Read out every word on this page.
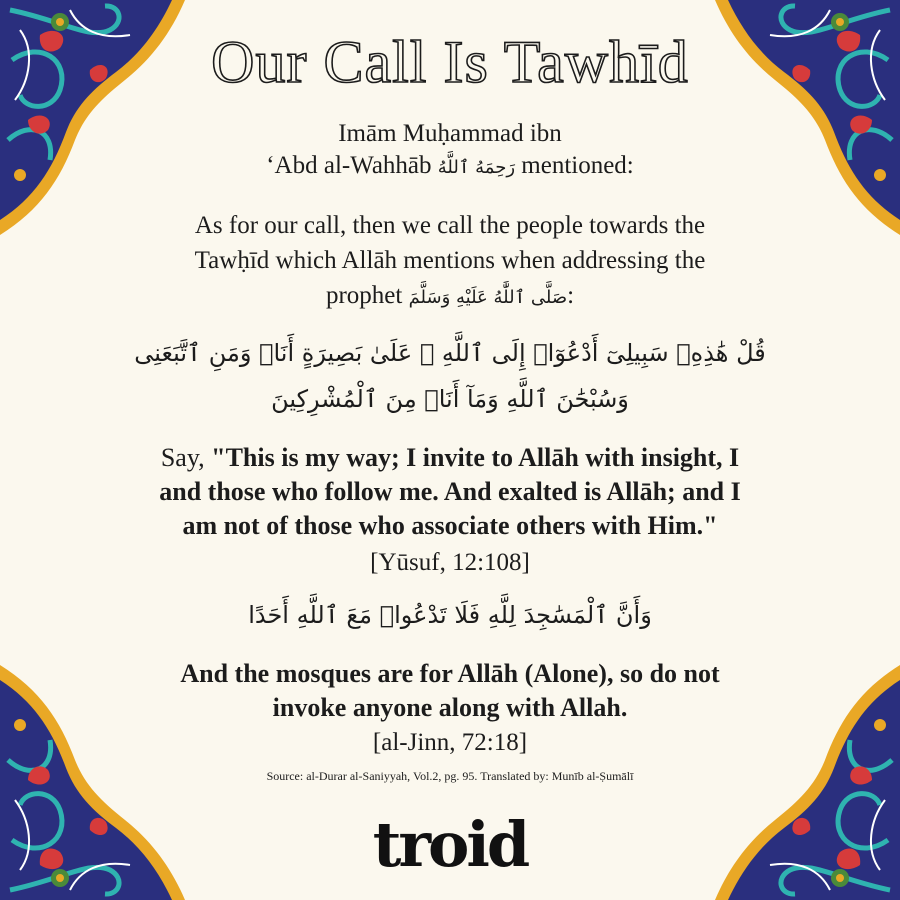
Our Call Is Tawhīd
Imām Muḥammad ibn
‘Abd al-Wahhāb رَحِمَهُ ٱللَّهُ mentioned:
As for our call, then we call the people towards the
Tawḥīd which Allāh mentions when addressing the
prophet صَلَّى ٱللَّٰهُ عَلَيْهِ وَسَلَّمَ:
قُلْ هَٰذِهِۦ سَبِيلِىٓ أَدْعُوٓا۟ إِلَى ٱللَّهِ ۚ عَلَىٰ بَصِيرَةٍ أَنَا۠ وَمَنِ ٱتَّبَعَنِى
وَسُبْحَٰنَ ٱللَّهِ وَمَآ أَنَا۠ مِنَ ٱلْمُشْرِكِينَ
Say, "This is my way; I invite to Allāh with insight, I
and those who follow me. And exalted is Allāh; and I
am not of those who associate others with Him."
[Yūsuf, 12:108]
وَأَنَّ ٱلْمَسَٰجِدَ لِلَّهِ فَلَا تَدْعُوا۟ مَعَ ٱللَّهِ أَحَدًا
And the mosques are for Allāh (Alone), so do not
invoke anyone along with Allah.
[al-Jinn, 72:18]
Source: al-Durar al-Saniyyah, Vol.2, pg. 95. Translated by: Munīb al-Ṣumālī
troid
